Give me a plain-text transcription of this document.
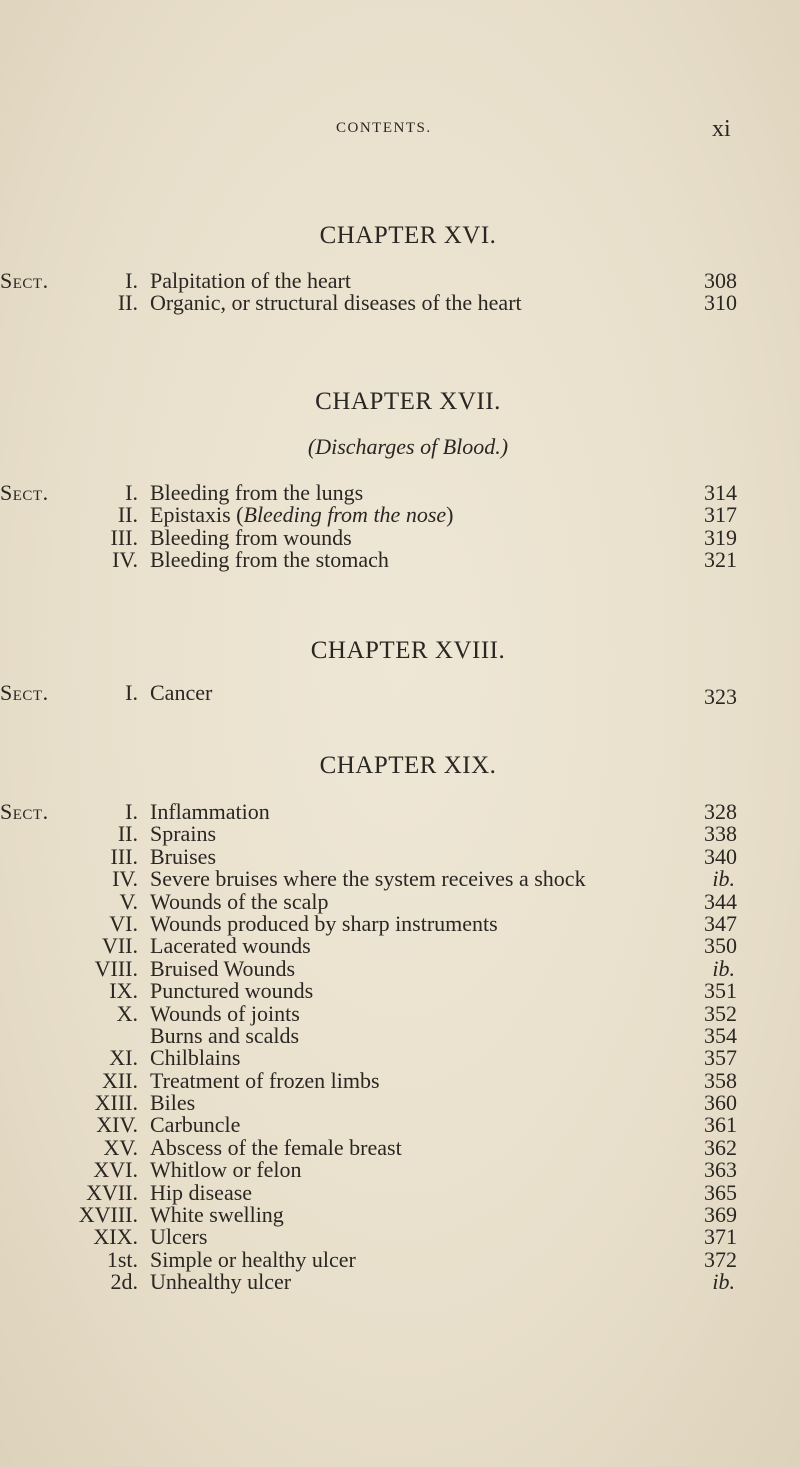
CONTENTS.	xi
CHAPTER XVI.
Sect.	I. Palpitation of the heart	308
II. Organic, or structural diseases of the heart	310
CHAPTER XVII.

(Discharges of Blood.)

Sect.	I. Bleeding from the lungs	314
II. Epistaxis (Bleeding from the nose)	317
III. Bleeding from wounds	319
IV. Bleeding from the stomach	321
CHAPTER XVIII.
Sect.	I. Cancer	323
CHAPTER XIX.
Sect.	I. Inflammation	328
II. Sprains	338
III. Bruises	340
IV. Severe bruises where the system receives a shock	ib.
V. Wounds of the scalp	344
VI. Wounds produced by sharp instruments	347
VII. Lacerated wounds	350
VIII. Bruised Wounds	ib.
IX. Punctured wounds	351
X. Wounds of joints	352
Burns and scalds	354
XI. Chilblains	357
XII. Treatment of frozen limbs	358
XIII. Biles	360
XIV. Carbuncle	361
XV. Abscess of the female breast	362
XVI. Whitlow or felon	363
XVII. Hip disease	365
XVIII. White swelling	369
XIX. Ulcers	371
1st. Simple or healthy ulcer	372
2d. Unhealthy ulcer	ib.
